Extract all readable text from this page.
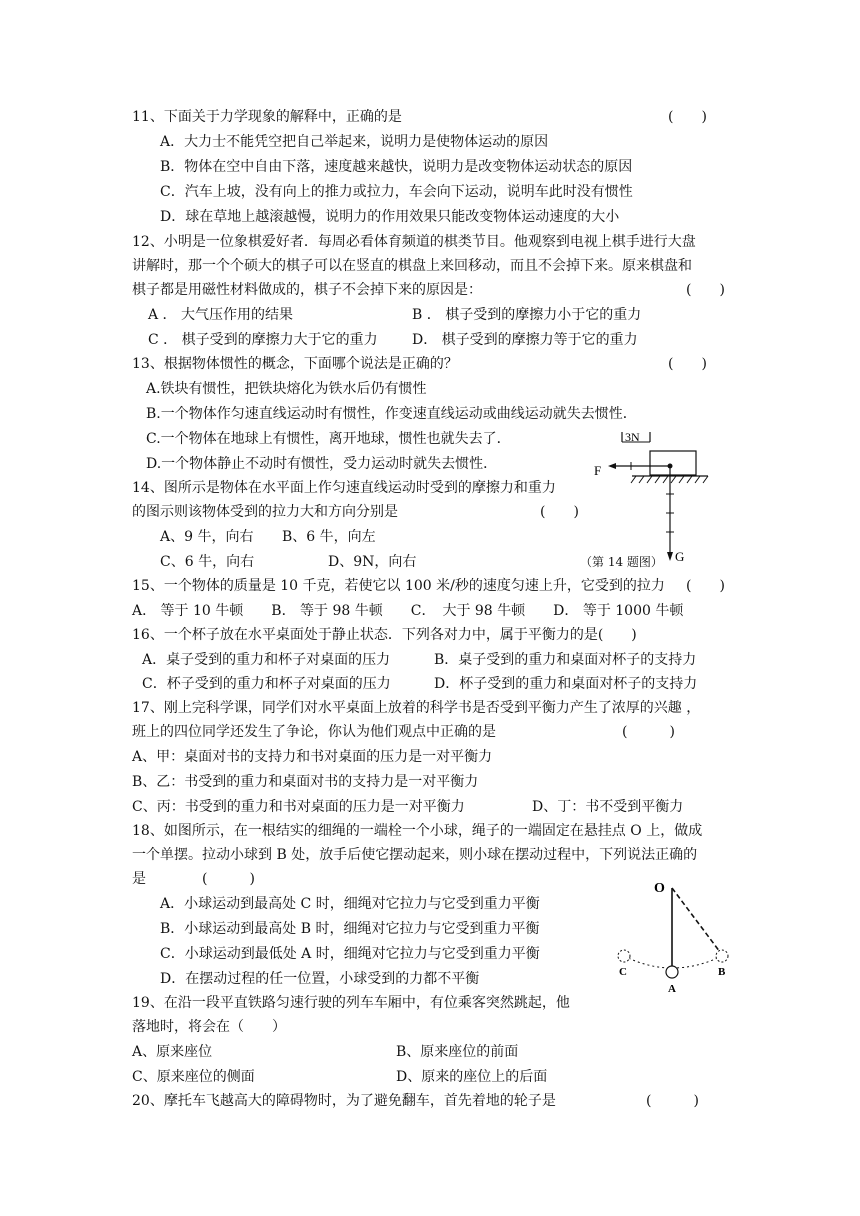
11、下面关于力学现象的解释中，正确的是	(　　)
A．大力士不能凭空把自己举起来，说明力是使物体运动的原因
B．物体在空中自由下落，速度越来越快，说明力是改变物体运动状态的原因
C．汽车上坡，没有向上的推力或拉力，车会向下运动，说明车此时没有惯性
D．球在草地上越滚越慢，说明力的作用效果只能改变物体运动速度的大小
12、小明是一位象棋爱好者．每周必看体育频道的棋类节目。他观察到电视上棋手进行大盘
讲解时，那一个个硕大的棋子可以在竖直的棋盘上来回移动，而且不会掉下来。原来棋盘和
棋子都是用磁性材料做成的，棋子不会掉下来的原因是：	(　　)
A ． 大气压作用的结果	B ． 棋子受到的摩擦力小于它的重力
C ． 棋子受到的摩擦力大于它的重力 D． 棋子受到的摩擦力等于它的重力
13、根据物体惯性的概念，下面哪个说法是正确的？	(　　)
A.铁块有惯性，把铁块熔化为铁水后仍有惯性
B.一个物体作匀速直线运动时有惯性，作变速直线运动或曲线运动就失去惯性．
C.一个物体在地球上有惯性，离开地球，惯性也就失去了．
D.一个物体静止不动时有惯性，受力运动时就失去惯性．
14、图所示是物体在水平面上作匀速直线运动时受到的摩擦力和重力
的图示则该物体受到的拉力大和方向分别是	(　　)
A、9 牛，向右 B、6 牛，向左
C、6 牛，向右	D、9N，向右
3N
F
G
（第 14 题图）
15、一个物体的质量是 10 千克，若使它以 100 米/秒的速度匀速上升，它受到的拉力 (　　)
A． 等于 10 牛顿　　B． 等于 98 牛顿　　C．　大于 98 牛顿　　D． 等于 1000 牛顿
16、一个杯子放在水平桌面处于静止状态．下列各对力中，属于平衡力的是(　　)
A．桌子受到的重力和杯子对桌面的压力	B．桌子受到的重力和桌面对杯子的支持力
C．杯子受到的重力和杯子对桌面的压力	D．杯子受到的重力和桌面对杯子的支持力
17、刚上完科学课，同学们对水平桌面上放着的科学书是否受到平衡力产生了浓厚的兴趣 ，
班上的四位同学还发生了争论，你认为他们观点中正确的是	(　　　)
A、甲：桌面对书的支持力和书对桌面的压力是一对平衡力
B、乙：书受到的重力和桌面对书的支持力是一对平衡力
C、丙：书受到的重力和书对桌面的压力是一对平衡力	D、丁：书不受到平衡力
18、如图所示，在一根结实的细绳的一端栓一个小球，绳子的一端固定在悬挂点 O 上，做成
一个单摆。拉动小球到 B 处，放手后使它摆动起来，则小球在摆动过程中，下列说法正确的
是　　　　(　　　)
A．小球运动到最高处 C 时，细绳对它拉力与它受到重力平衡
B．小球运动到最高处 B 时，细绳对它拉力与它受到重力平衡
C．小球运动到最低处 A 时，细绳对它拉力与它受到重力平衡
D．在摆动过程的任一位置，小球受到的力都不平衡
O
A
B
C
19、在沿一段平直铁路匀速行驶的列车车厢中，有位乘客突然跳起，他
落地时，将会在（　　）
A、原来座位	B、原来座位的前面
C、原来座位的侧面	D、原来的座位上的后面
20、摩托车飞越高大的障碍物时，为了避免翻车，首先着地的轮子是	(　　　)
